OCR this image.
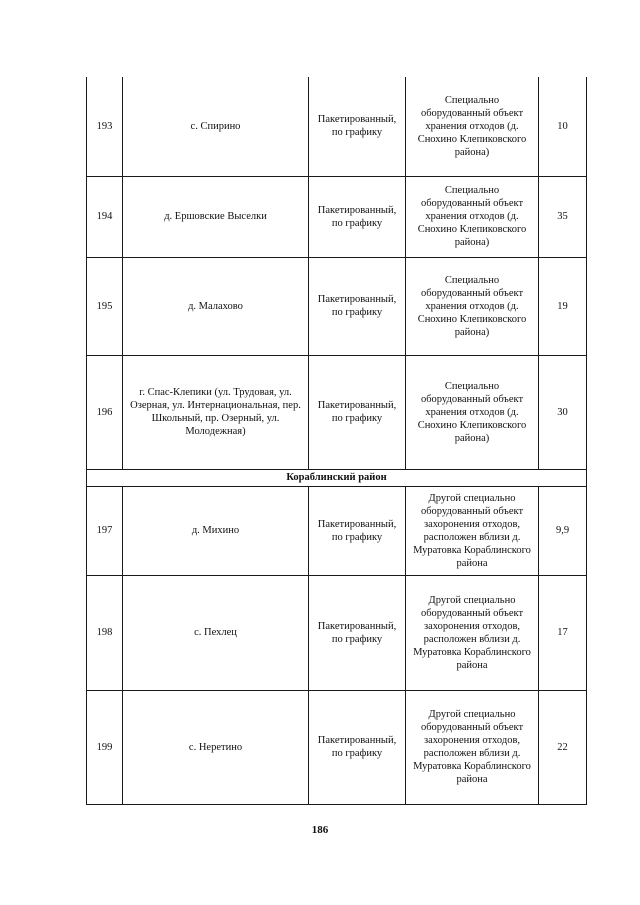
193	с. Спирино	Пакетированный, по графику	Специально оборудованный объект хранения отходов (д. Снохино Клепиковского района)	10
194	д. Ершовские Выселки	Пакетированный, по графику	Специально оборудованный объект хранения отходов (д. Снохино Клепиковского района)	35
195	д. Малахово	Пакетированный, по графику	Специально оборудованный объект хранения отходов (д. Снохино Клепиковского района)	19
196	г. Спас-Клепики (ул. Трудовая, ул. Озерная, ул. Интернациональная, пер. Школьный, пр. Озерный, ул. Молодежная)	Пакетированный, по графику	Специально оборудованный объект хранения отходов (д. Снохино Клепиковского района)	30
Кораблинский район				
197	д. Михино	Пакетированный, по графику	Другой специально оборудованный объект захоронения отходов, расположен вблизи д. Муратовка Кораблинского района	9,9
198	с. Пехлец	Пакетированный, по графику	Другой специально оборудованный объект захоронения отходов, расположен вблизи д. Муратовка Кораблинского района	17
199	с. Неретино	Пакетированный, по графику	Другой специально оборудованный объект захоронения отходов, расположен вблизи д. Муратовка Кораблинского района	22
186
